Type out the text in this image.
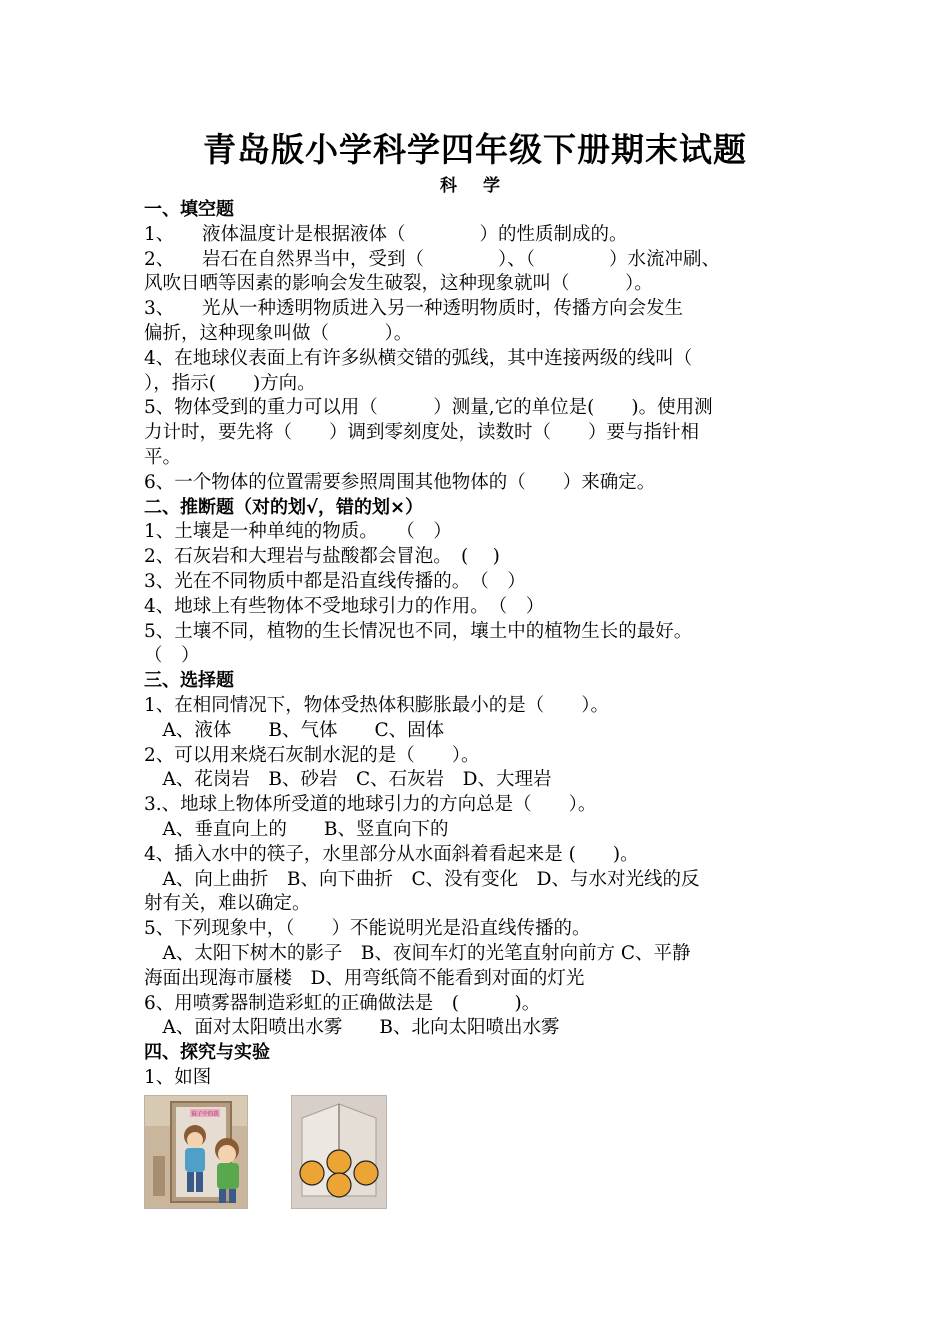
青岛版小学科学四年级下册期末试题
科 学
一、填空题
1、　　液体温度计是根据液体（　　　　）的性质制成的。
2、　　岩石在自然界当中，受到（　　　　）、（　　　　）水流冲刷、
风吹日晒等因素的影响会发生破裂，这种现象就叫（　　　）。
3、　　光从一种透明物质进入另一种透明物质时，传播方向会发生
偏折，这种现象叫做（　　　）。
4、在地球仪表面上有许多纵横交错的弧线，其中连接两级的线叫（
），指示(　　)方向。
5、物体受到的重力可以用（　　　）测量,它的单位是(　　)。使用测
力计时，要先将（　　）调到零刻度处，读数时（　　）要与指针相
平。
6、一个物体的位置需要参照周围其他物体的（　　）来确定。
二、推断题（对的划√，错的划×）
1、土壤是一种单纯的物质。　　（　）
2、石灰岩和大理岩与盐酸都会冒泡。　(　 )
3、光在不同物质中都是沿直线传播的。　（　）
4、地球上有些物体不受地球引力的作用。　（　）
5、土壤不同，植物的生长情况也不同，壤土中的植物生长的最好。
（　）
三、选择题
1、在相同情况下，物体受热体积膨胀最小的是（　　）。
　A、液体　　B、气体　　C、固体
2、可以用来烧石灰制水泥的是（　　）。
　A、花岗岩　B、砂岩　C、石灰岩　D、大理岩
3.、地球上物体所受道的地球引力的方向总是（　　）。
　A、垂直向上的　　B、竖直向下的
4、插入水中的筷子，水里部分从水面斜着看起来是 (　　)。
　A、向上曲折　B、向下曲折　C、没有变化　D、与水对光线的反
射有关，难以确定。
5、下列现象中，（　　）不能说明光是沿直线传播的。
　A、太阳下树木的影子　B、夜间车灯的光笔直射向前方 C、平静
海面出现海市蜃楼　D、用弯纸筒不能看到对面的灯光
6、用喷雾器制造彩虹的正确做法是　(　　　)。
　A、面对太阳喷出水雾　　B、北向太阳喷出水雾
四、探究与实验
1、如图
镜子中的我
